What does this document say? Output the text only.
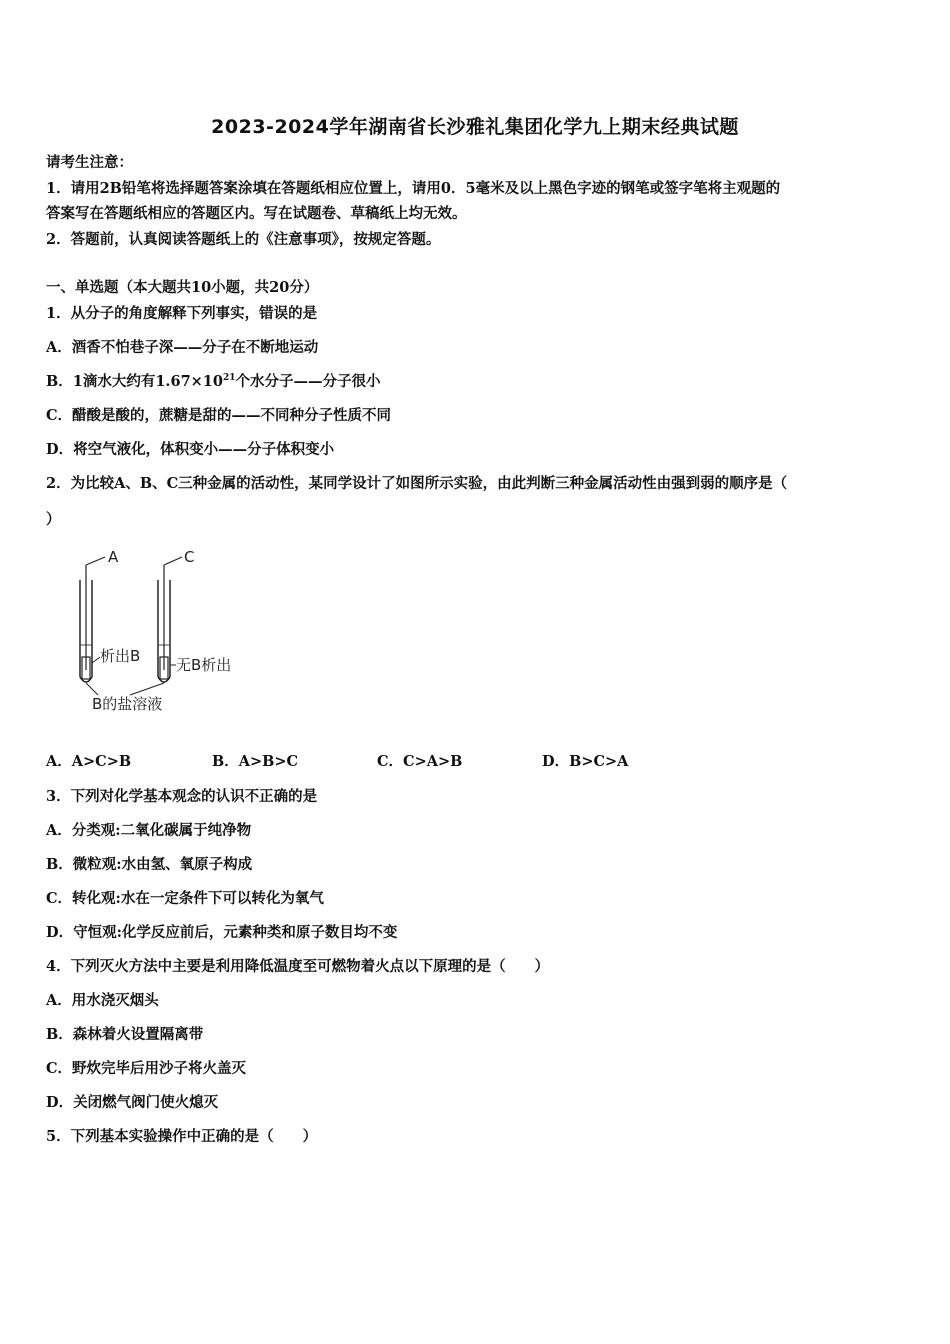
2023-2024学年湖南省长沙雅礼集团化学九上期末经典试题
请考生注意：
1．请用2B铅笔将选择题答案涂填在答题纸相应位置上，请用0．5毫米及以上黑色字迹的钢笔或签字笔将主观题的
答案写在答题纸相应的答题区内。写在试题卷、草稿纸上均无效。
2．答题前，认真阅读答题纸上的《注意事项》，按规定答题。
一、单选题（本大题共10小题，共20分）
1．从分子的角度解释下列事实，错误的是
A．酒香不怕巷子深——分子在不断地运动
B．1滴水大约有$1.67\times 10^{21}$个水分子——分子很小
C．醋酸是酸的，蔗糖是甜的——不同种分子性质不同
D．将空气液化，体积变小——分子体积变小
2．为比较A、B、C三种金属的活动性，某同学设计了如图所示实验，由此判断三种金属活动性由强到弱的顺序是（
）
A	C
析出B 无B析出
B的盐溶液
A．A>C>B	B．A>B>C	C．C>A>B	D．B>C>A
3．下列对化学基本观念的认识不正确的是
A．分类观:二氧化碳属于纯净物
B．微粒观:水由氢、氧原子构成
C．转化观:水在一定条件下可以转化为氧气
D．守恒观:化学反应前后，元素种类和原子数目均不变
4．下列灭火方法中主要是利用降低温度至可燃物着火点以下原理的是（　　）
A．用水浇灭烟头
B．森林着火设置隔离带
C．野炊完毕后用沙子将火盖灭
D．关闭燃气阀门使火熄灭
5．下列基本实验操作中正确的是（　　）
